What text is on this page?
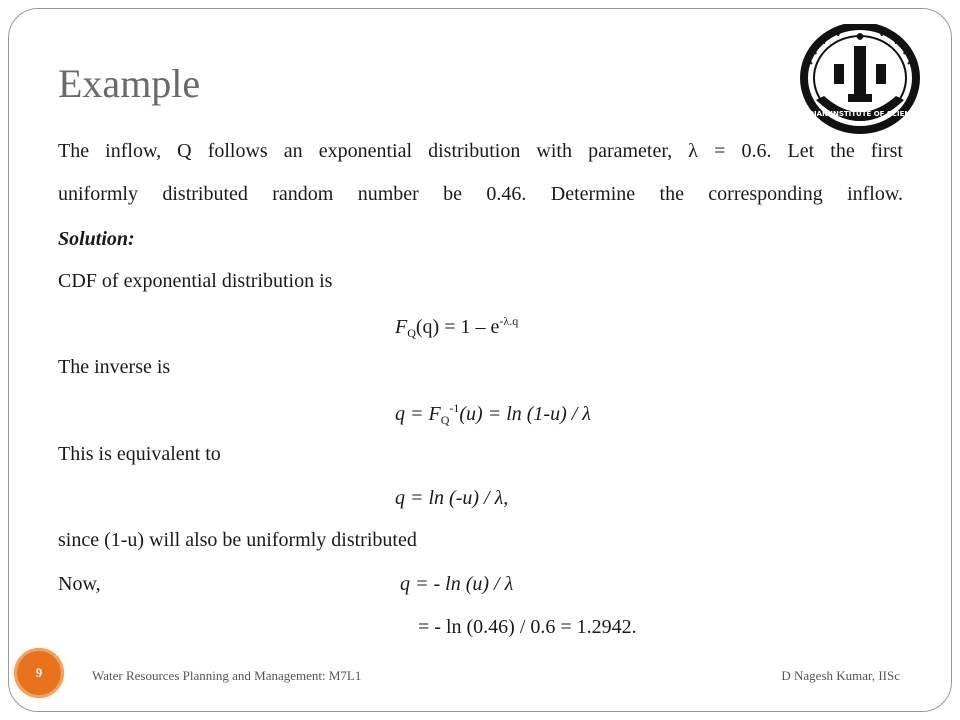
Example
INDIAN INSTITUTE OF SCIENCE
The inflow, Q follows an exponential distribution with parameter, λ = 0.6. Let the first
uniformly distributed random number be 0.46. Determine the corresponding inflow.
Solution:
CDF of exponential distribution is
$F_Q(q) = 1 - e^{-\lambda.q}$
The inverse is
$q = F_Q^{-1}(u) = \ln (1-u) / \lambda$
This is equivalent to
q = ln (-u) / λ,
since (1-u) will also be uniformly distributed
Now,	q = - ln (u) / λ
= - ln (0.46) / 0.6 = 1.2942.
9	Water Resources Planning and Management: M7L1	D Nagesh Kumar, IISc
